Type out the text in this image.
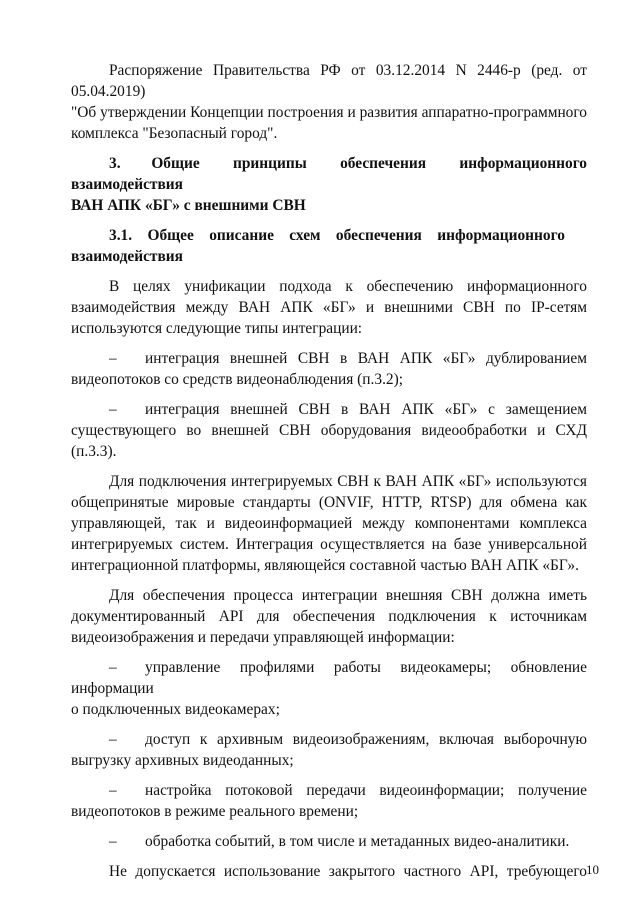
Распоряжение Правительства РФ от 03.12.2014 N 2446-р (ред. от 05.04.2019)

"Об утверждении Концепции построения и развития аппаратно-программного

комплекса "Безопасный город".

3.  Общие принципы обеспечения информационного взаимодействия

ВАН АПК «БГ» с внешними СВН

3.1. Общее описание схем обеспечения информационного

взаимодействия

В целях унификации подхода к обеспечению информационного

взаимодействия между ВАН АПК «БГ» и внешними СВН по IP-сетям

используются следующие типы интеграции:

– интеграция внешней СВН в ВАН АПК «БГ» дублированием

видеопотоков со средств видеонаблюдения (п.3.2);

– интеграция внешней СВН в ВАН АПК «БГ» с замещением

существующего во внешней СВН оборудования видеообработки и СХД (п.3.3).

Для подключения интегрируемых СВН к ВАН АПК «БГ» используются

общепринятые мировые стандарты (ONVIF, HTTP, RTSP) для обмена как

управляющей, так и видеоинформацией между компонентами комплекса

интегрируемых систем. Интеграция осуществляется на базе универсальной

интеграционной платформы, являющейся составной частью ВАН АПК «БГ».

Для обеспечения процесса интеграции внешняя СВН должна иметь

документированный API для обеспечения подключения к источникам

видеоизображения и передачи управляющей информации:

– управление профилями работы видеокамеры; обновление информации

о подключенных видеокамерах;

– доступ к архивным видеоизображениям, включая выборочную

выгрузку архивных видеоданных;

– настройка потоковой передачи видеоинформации; получение

видеопотоков в режиме реального времени;

– обработка событий, в том числе и метаданных видео-аналитики.

Не допускается использование закрытого частного API, требующего 10
